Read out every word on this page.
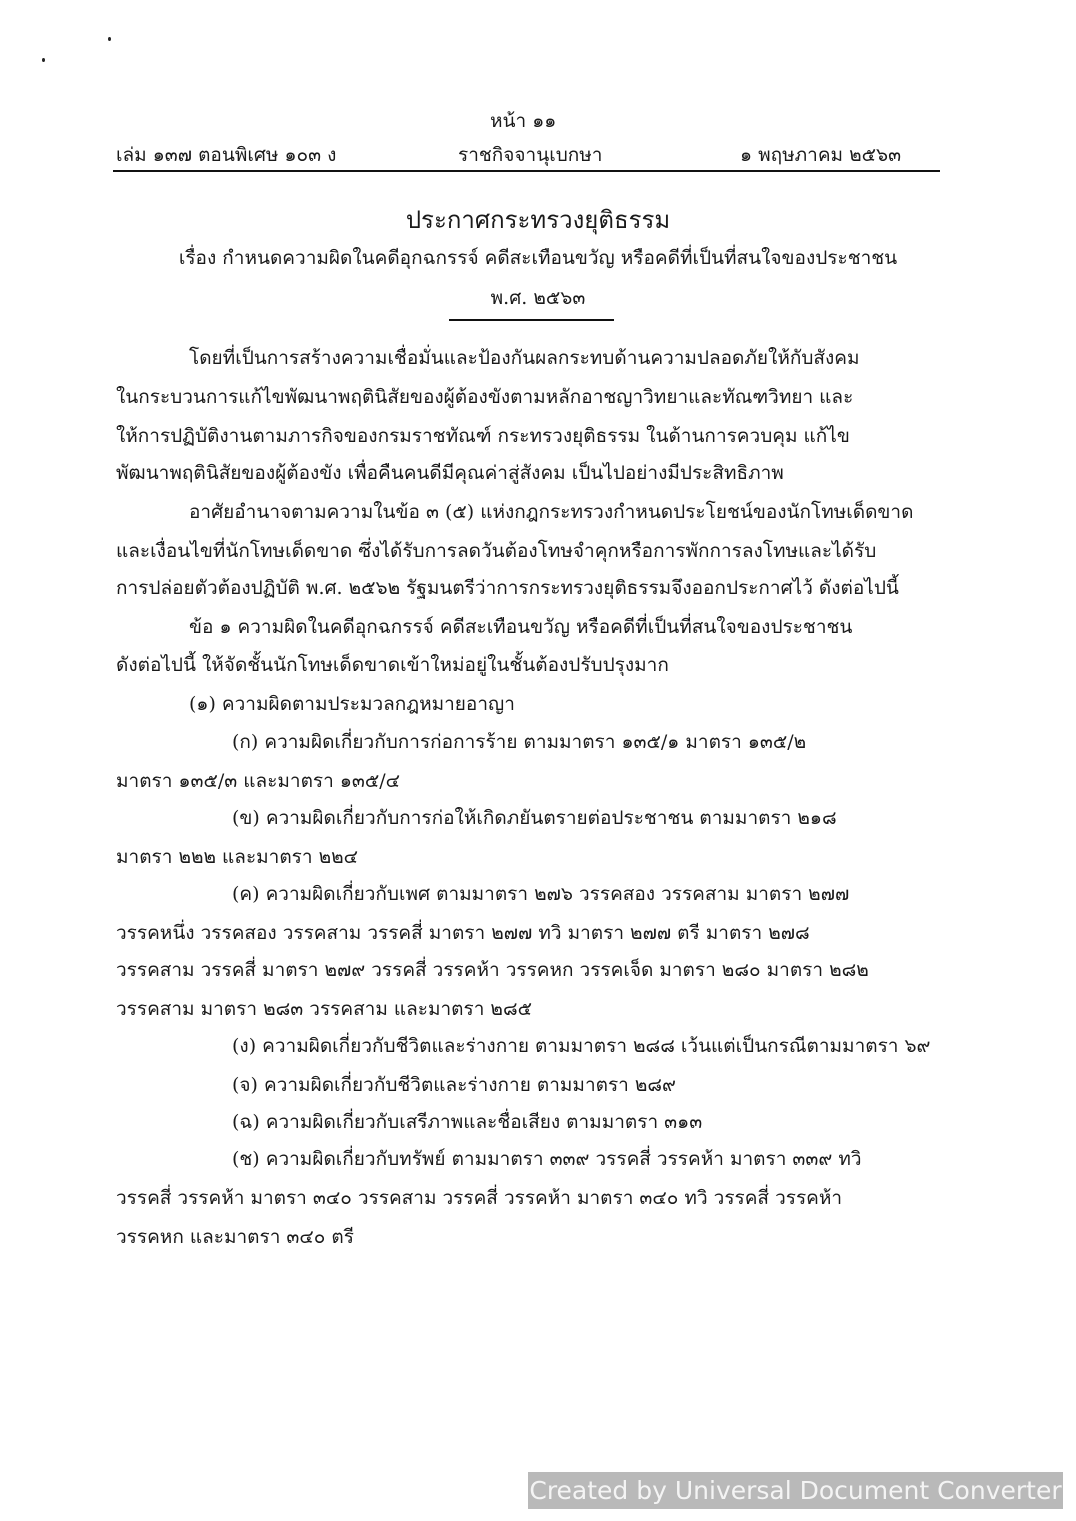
หน้า ๑๑
เล่ม ๑๓๗ ตอนพิเศษ ๑๐๓ ง	ราชกิจจานุเบกษา	๑ พฤษภาคม ๒๕๖๓
ประกาศกระทรวงยุติธรรม
เรื่อง กำหนดความผิดในคดีอุกฉกรรจ์ คดีสะเทือนขวัญ หรือคดีที่เป็นที่สนใจของประชาชน
พ.ศ. ๒๕๖๓
โดยที่เป็นการสร้างความเชื่อมั่นและป้องกันผลกระทบด้านความปลอดภัยให้กับสังคม
ในกระบวนการแก้ไขพัฒนาพฤตินิสัยของผู้ต้องขังตามหลักอาชญาวิทยาและทัณฑวิทยา และ
ให้การปฏิบัติงานตามภารกิจของกรมราชทัณฑ์ กระทรวงยุติธรรม ในด้านการควบคุม แก้ไข
พัฒนาพฤตินิสัยของผู้ต้องขัง เพื่อคืนคนดีมีคุณค่าสู่สังคม เป็นไปอย่างมีประสิทธิภาพ
อาศัยอำนาจตามความในข้อ ๓ (๕) แห่งกฎกระทรวงกำหนดประโยชน์ของนักโทษเด็ดขาด
และเงื่อนไขที่นักโทษเด็ดขาด ซึ่งได้รับการลดวันต้องโทษจำคุกหรือการพักการลงโทษและได้รับ
การปล่อยตัวต้องปฏิบัติ พ.ศ. ๒๕๖๒ รัฐมนตรีว่าการกระทรวงยุติธรรมจึงออกประกาศไว้ ดังต่อไปนี้
ข้อ ๑ ความผิดในคดีอุกฉกรรจ์ คดีสะเทือนขวัญ หรือคดีที่เป็นที่สนใจของประชาชน
ดังต่อไปนี้ ให้จัดชั้นนักโทษเด็ดขาดเข้าใหม่อยู่ในชั้นต้องปรับปรุงมาก
(๑) ความผิดตามประมวลกฎหมายอาญา
(ก) ความผิดเกี่ยวกับการก่อการร้าย ตามมาตรา ๑๓๕/๑ มาตรา ๑๓๕/๒
มาตรา ๑๓๕/๓ และมาตรา ๑๓๕/๔
(ข) ความผิดเกี่ยวกับการก่อให้เกิดภยันตรายต่อประชาชน ตามมาตรา ๒๑๘
มาตรา ๒๒๒ และมาตรา ๒๒๔
(ค) ความผิดเกี่ยวกับเพศ ตามมาตรา ๒๗๖ วรรคสอง วรรคสาม มาตรา ๒๗๗
วรรคหนึ่ง วรรคสอง วรรคสาม วรรคสี่ มาตรา ๒๗๗ ทวิ มาตรา ๒๗๗ ตรี มาตรา ๒๗๘
วรรคสาม วรรคสี่ มาตรา ๒๗๙ วรรคสี่ วรรคห้า วรรคหก วรรคเจ็ด มาตรา ๒๘๐ มาตรา ๒๘๒
วรรคสาม มาตรา ๒๘๓ วรรคสาม และมาตรา ๒๘๕
(ง) ความผิดเกี่ยวกับชีวิตและร่างกาย ตามมาตรา ๒๘๘ เว้นแต่เป็นกรณีตามมาตรา ๖๙
(จ) ความผิดเกี่ยวกับชีวิตและร่างกาย ตามมาตรา ๒๘๙
(ฉ) ความผิดเกี่ยวกับเสรีภาพและชื่อเสียง ตามมาตรา ๓๑๓
(ช) ความผิดเกี่ยวกับทรัพย์ ตามมาตรา ๓๓๙ วรรคสี่ วรรคห้า มาตรา ๓๓๙ ทวิ
วรรคสี่ วรรคห้า มาตรา ๓๔๐ วรรคสาม วรรคสี่ วรรคห้า มาตรา ๓๔๐ ทวิ วรรคสี่ วรรคห้า
วรรคหก และมาตรา ๓๔๐ ตรี
Created by Universal Document Converter
